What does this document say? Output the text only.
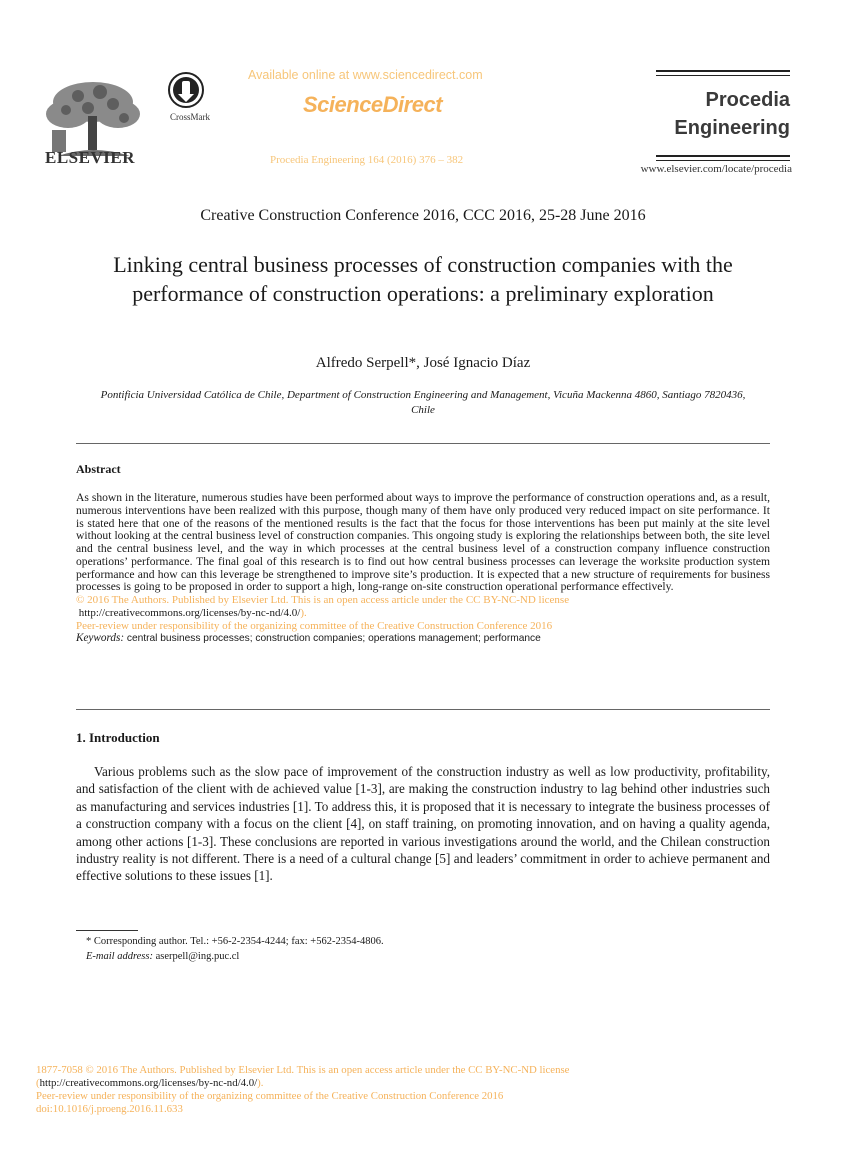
ELSEVIER
CrossMark
Available online at www.sciencedirect.com
ScienceDirect
Procedia Engineering 164 (2016) 376 – 382
Procedia
Engineering
www.elsevier.com/locate/procedia
Creative Construction Conference 2016, CCC 2016, 25-28 June 2016
Linking central business processes of construction companies with the performance of construction operations: a preliminary exploration
Alfredo Serpell*, José Ignacio Díaz
Pontificia Universidad Católica de Chile, Department of Construction Engineering and Management, Vicuña Mackenna 4860, Santiago 7820436, Chile
Abstract
As shown in the literature, numerous studies have been performed about ways to improve the performance of construction operations and, as a result, numerous interventions have been realized with this purpose, though many of them have only produced very reduced impact on site performance. It is stated here that one of the reasons of the mentioned results is the fact that the focus for those interventions has been put mainly at the site level without looking at the central business level of construction companies. This ongoing study is exploring the relationships between both, the site level and the central business level, and the way in which processes at the central business level of a construction company influence construction operations’ performance. The final goal of this research is to find out how central business processes can leverage the worksite production system performance and how can this leverage be strengthened to improve site’s production. It is expected that a new structure of requirements for business processes is going to be proposed in order to support a high, long-range on-site construction operational performance effectively.
© 2016 The Authors. Published by Elsevier Ltd. This is an open access article under the CC BY-NC-ND license
http://creativecommons.org/licenses/by-nc-nd/4.0/).
Peer-review under responsibility of the organizing committee of the Creative Construction Conference 2016
Keywords: central business processes; construction companies; operations management; performance
1. Introduction
Various problems such as the slow pace of improvement of the construction industry as well as low productivity, profitability, and satisfaction of the client with de achieved value [1-3], are making the construction industry to lag behind other industries such as manufacturing and services industries [1]. To address this, it is proposed that it is necessary to integrate the business processes of a construction company with a focus on the client [4], on staff training, on promoting innovation, and on having a quality agenda, among other actions [1-3]. These conclusions are reported in various investigations around the world, and the Chilean construction industry reality is not different. There is a need of a cultural change [5] and leaders’ commitment in order to achieve permanent and effective solutions to these issues [1].
* Corresponding author. Tel.: +56-2-2354-4244; fax: +562-2354-4806.
E-mail address: aserpell@ing.puc.cl
1877-7058 © 2016 The Authors. Published by Elsevier Ltd. This is an open access article under the CC BY-NC-ND license
(http://creativecommons.org/licenses/by-nc-nd/4.0/).
Peer-review under responsibility of the organizing committee of the Creative Construction Conference 2016
doi:10.1016/j.proeng.2016.11.633
